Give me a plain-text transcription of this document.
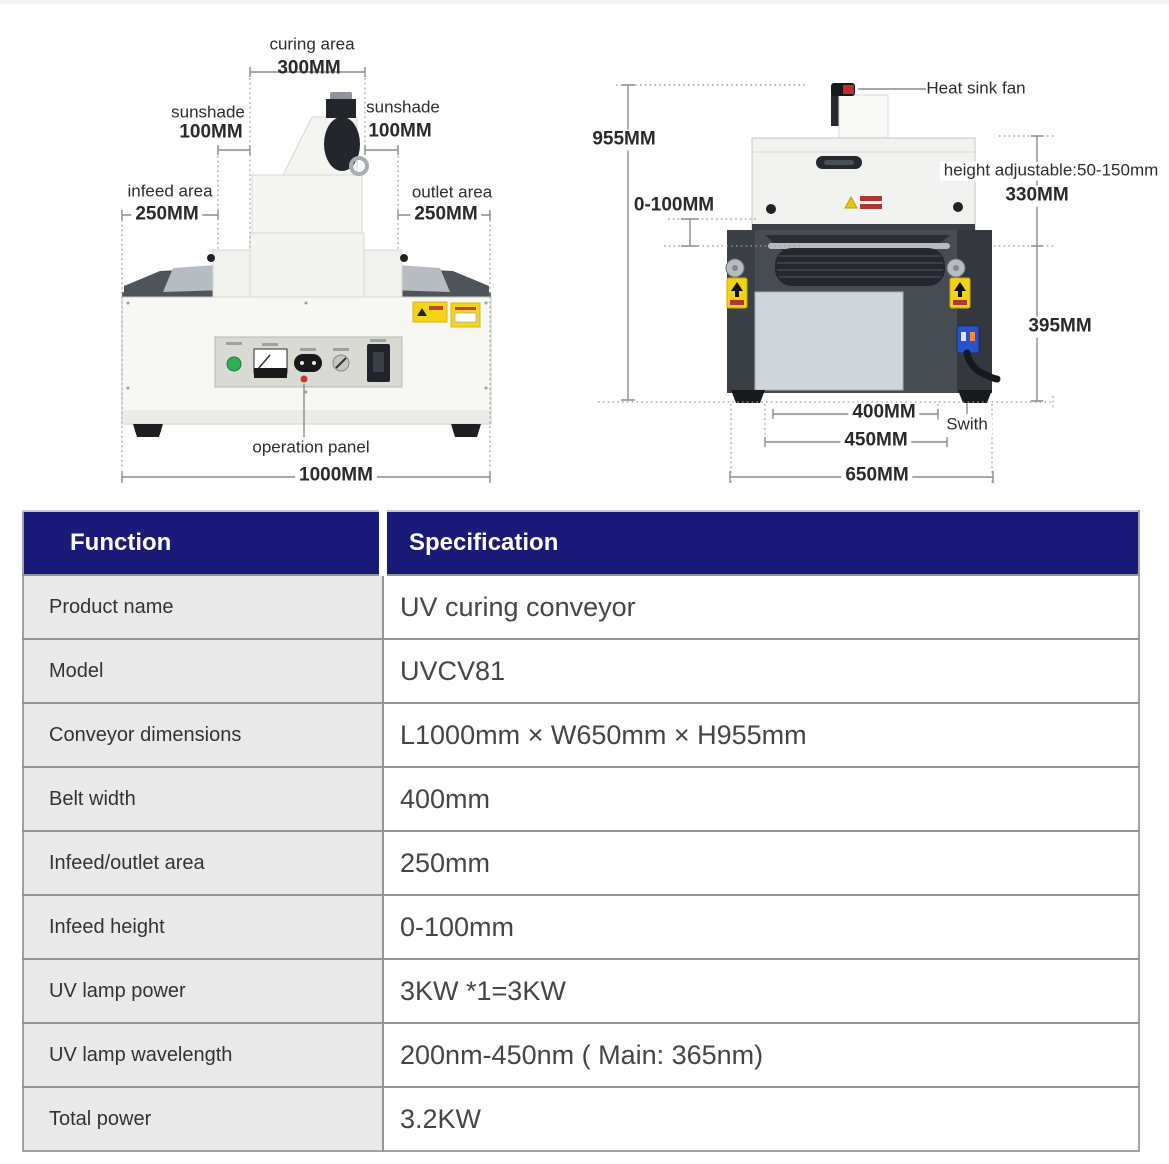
curing area
300MM
sunshade
100MM
sunshade
100MM
infeed area
250MM
outlet area
250MM
operation panel
1000MM
955MM
0-100MM
Heat sink fan
height adjustable:50-150mm
330MM
395MM
400MM
Swith
450MM
650MM
Function	Specification
Product name	UV curing conveyor
Model	UVCV81
Conveyor dimensions	L1000mm × W650mm × H955mm
Belt width	400mm
Infeed/outlet area	250mm
Infeed height	0-100mm
UV lamp power	3KW *1=3KW
UV lamp wavelength	200nm-450nm ( Main: 365nm)
Total power	3.2KW
